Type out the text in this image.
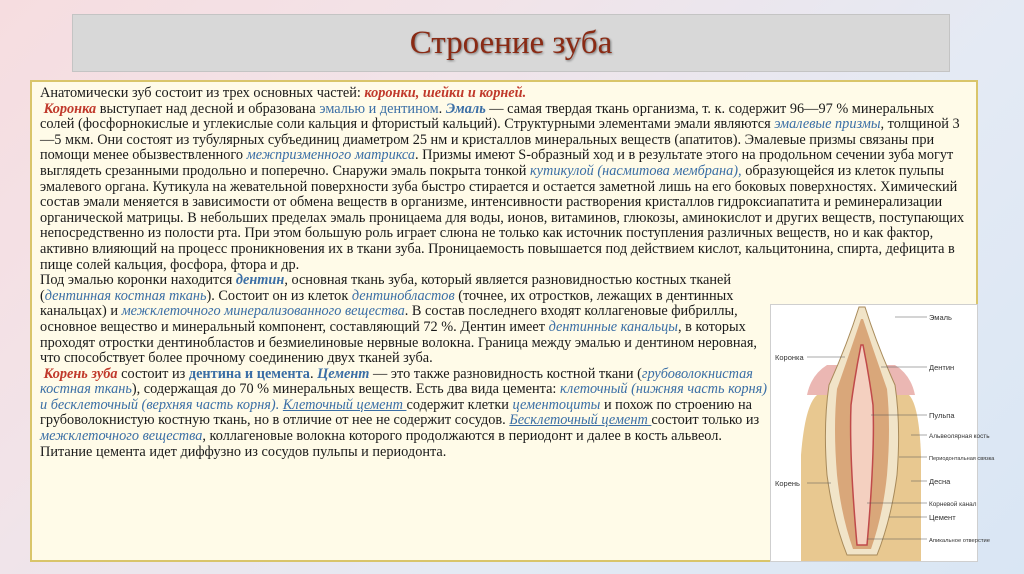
Строение зуба

Анатомически зуб состоит из трех основных частей: коронки, шейки и корней.
Коронка выступает над десной и образована эмалью и дентином. Эмаль — самая твердая ткань организма, т. к. содержит 96—97 % минеральных солей (фосфорнокислые и углекислые соли кальция и фтористый кальций). Структурными элементами эмали являются эмалевые призмы, толщиной 3—5 мкм. Они состоят из тубулярных субъединиц диаметром 25 нм и кристаллов минеральных веществ (апатитов). Эмалевые призмы связаны при помощи менее обызвествленного межпризменного матрикса. Призмы имеют S-образный ход и в результате этого на продольном сечении зуба могут выглядеть срезанными продольно и поперечно. Снаружи эмаль покрыта тонкой кутикулой (насмитова мембрана), образующейся из клеток пульпы эмалевого органа. Кутикула на жевательной поверхности зуба быстро стирается и остается заметной лишь на его боковых поверхностях. Химический состав эмали меняется в зависимости от обмена веществ в организме, интенсивности растворения кристаллов гидроксиапатита и реминерализации органической матрицы. В небольших пределах эмаль проницаема для воды, ионов, витаминов, глюкозы, аминокислот и других веществ, поступающих непосредственно из полости рта. При этом большую роль играет слюна не только как источник поступления различных веществ, но и как фактор, активно влияющий на процесс проникновения их в ткани зуба. Проницаемость повышается под действием кислот, кальцитонина, спирта, дефицита в пище солей кальция, фосфора, фтора и др.

Под эмалью коронки находится дентин, основная ткань зуба, который является разновидностью костных тканей (дентинная костная ткань). Состоит он из клеток дентинобластов (точнее, их отростков, лежащих в дентинных канальцах) и межклеточного минерализованного вещества. В состав последнего входят коллагеновые фибриллы, основное вещество и минеральный компонент, составляющий 72 %. Дентин имеет дентинные канальцы, в которых проходят отростки дентинобластов и безмиелиновые нервные волокна. Граница между эмалью и дентином неровная, что способствует более прочному соединению двух тканей зуба.

Корень зуба состоит из дентина и цемента. Цемент — это также разновидность костной ткани (грубоволокнистая костная ткань), содержащая до 70 % минеральных веществ. Есть два вида цемента: клеточный (нижняя часть корня) и бесклеточный (верхняя часть корня). Клеточный цемент содержит клетки цементоциты и похож по строению на грубоволокнистую костную ткань, но в отличие от нее не содержит сосудов. Бесклеточный цемент состоит только из межклеточного вещества, коллагеновые волокна которого продолжаются в периодонт и далее в кость альвеол.
Питание цемента идет диффузно из сосудов пульпы и периодонта.

Коронка
Корень
Эмаль
Дентин
Пульпа
Альвеолярная кость
Периодонтальная связка
Десна
Корневой канал
Цемент
Апикальное отверстие
